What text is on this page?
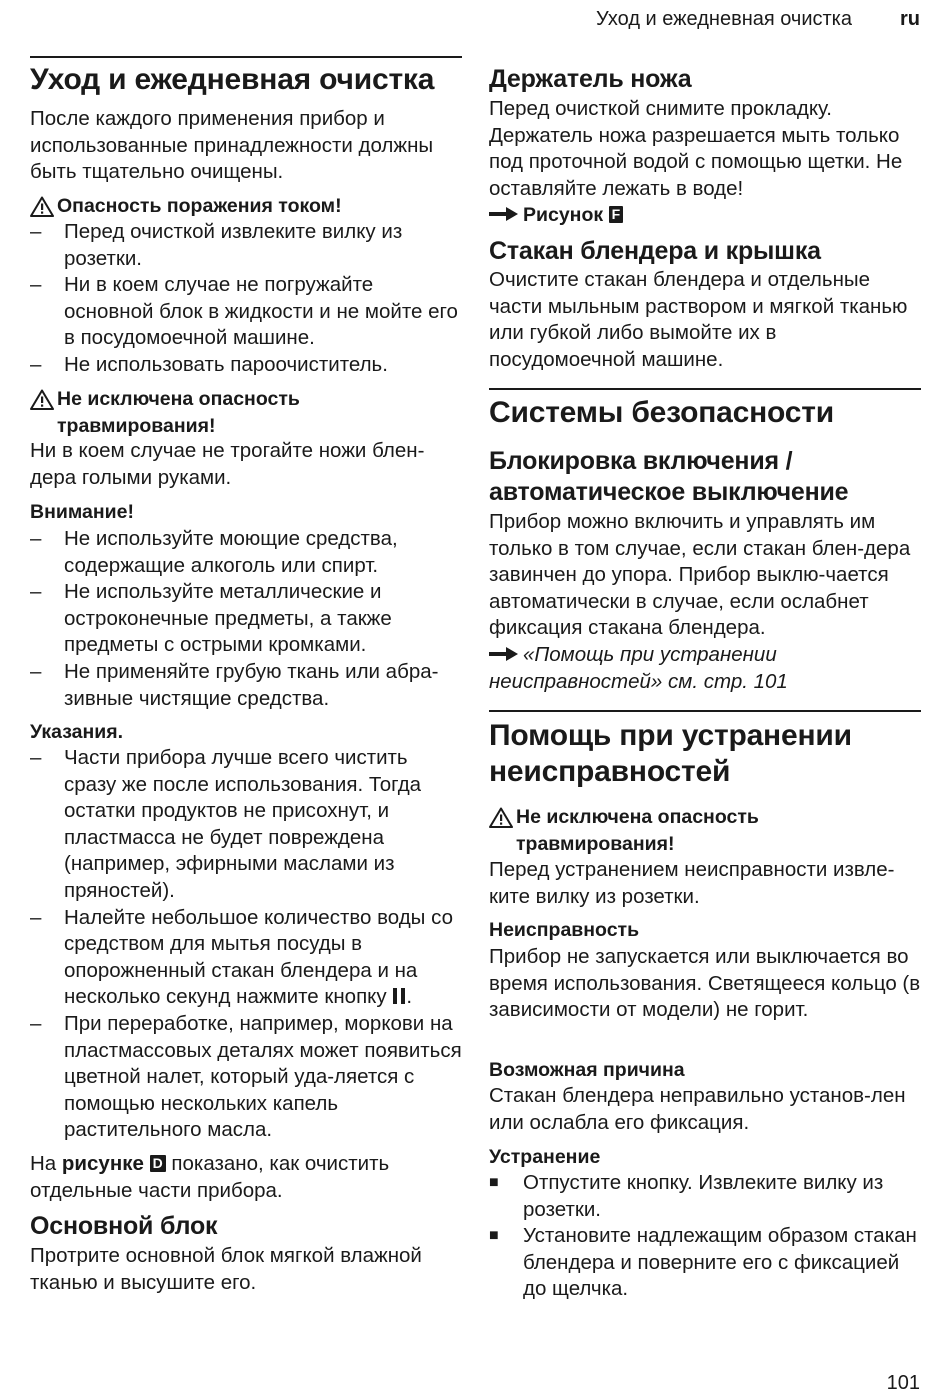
Уход и ежедневная очистка ru
Уход и ежедневная очистка

После каждого применения прибор и использованные принадлежности должны быть тщательно очищены.

Опасность поражения током!
–	Перед очисткой извлеките вилку из розетки.
–	Ни в коем случае не погружайте основной блок в жидкости и не мойте его в посудомоечной машине.
–	Не использовать пароочиститель.
Не исключена опасность травмирования!

Ни в коем случае не трогайте ножи блен-дера голыми руками.

Внимание!
–	Не используйте моющие средства, содержащие алкоголь или спирт.
–	Не используйте металлические и остроконечные предметы, а также предметы с острыми кромками.
–	Не применяйте грубую ткань или абра-зивные чистящие средства.
Указания.
–	Части прибора лучше всего чистить сразу же после использования. Тогда остатки продуктов не присохнут, и пластмасса не будет повреждена (например, эфирными маслами из пряностей).
–	Налейте небольшое количество воды со средством для мытья посуды в опорожненный стакан блендера и на несколько секунд нажмите кнопку .
–	При переработке, например, моркови на пластмассовых деталях может появиться цветной налет, который уда-ляется с помощью нескольких капель растительного масла.

На рисунке D показано, как очистить отдельные части прибора.

Основной блок

Протрите основной блок мягкой влажной тканью и высушите его.

Держатель ножа

Перед очисткой снимите прокладку. Держатель ножа разрешается мыть только под проточной водой с помощью щетки. Не оставляйте лежать в воде!

Рисунок F
Стакан блендера и крышка

Очистите стакан блендера и отдельные части мыльным раствором и мягкой тканью или губкой либо вымойте их в посудомоечной машине.

Системы безопасности
Блокировка включения / автоматическое выключение

Прибор можно включить и управлять им только в том случае, если стакан блен-дера завинчен до упора. Прибор выклю-чается автоматически в случае, если ослабнет фиксация стакана блендера.

«Помощь при устранении неисправностей» см. стр. 101

Помощь при устранении неисправностей
Не исключена опасность травмирования!

Перед устранением неисправности извле-ките вилку из розетки.

Неисправность

Прибор не запускается или выключается во время использования. Светящееся кольцо (в зависимости от модели) не горит.

Возможная причина

Стакан блендера неправильно установ-лен или ослабла его фиксация.

Устранение
■	Отпустите кнопку. Извлеките вилку из розетки.
■	Установите надлежащим образом стакан блендера и поверните его с фиксацией до щелчка.
101
